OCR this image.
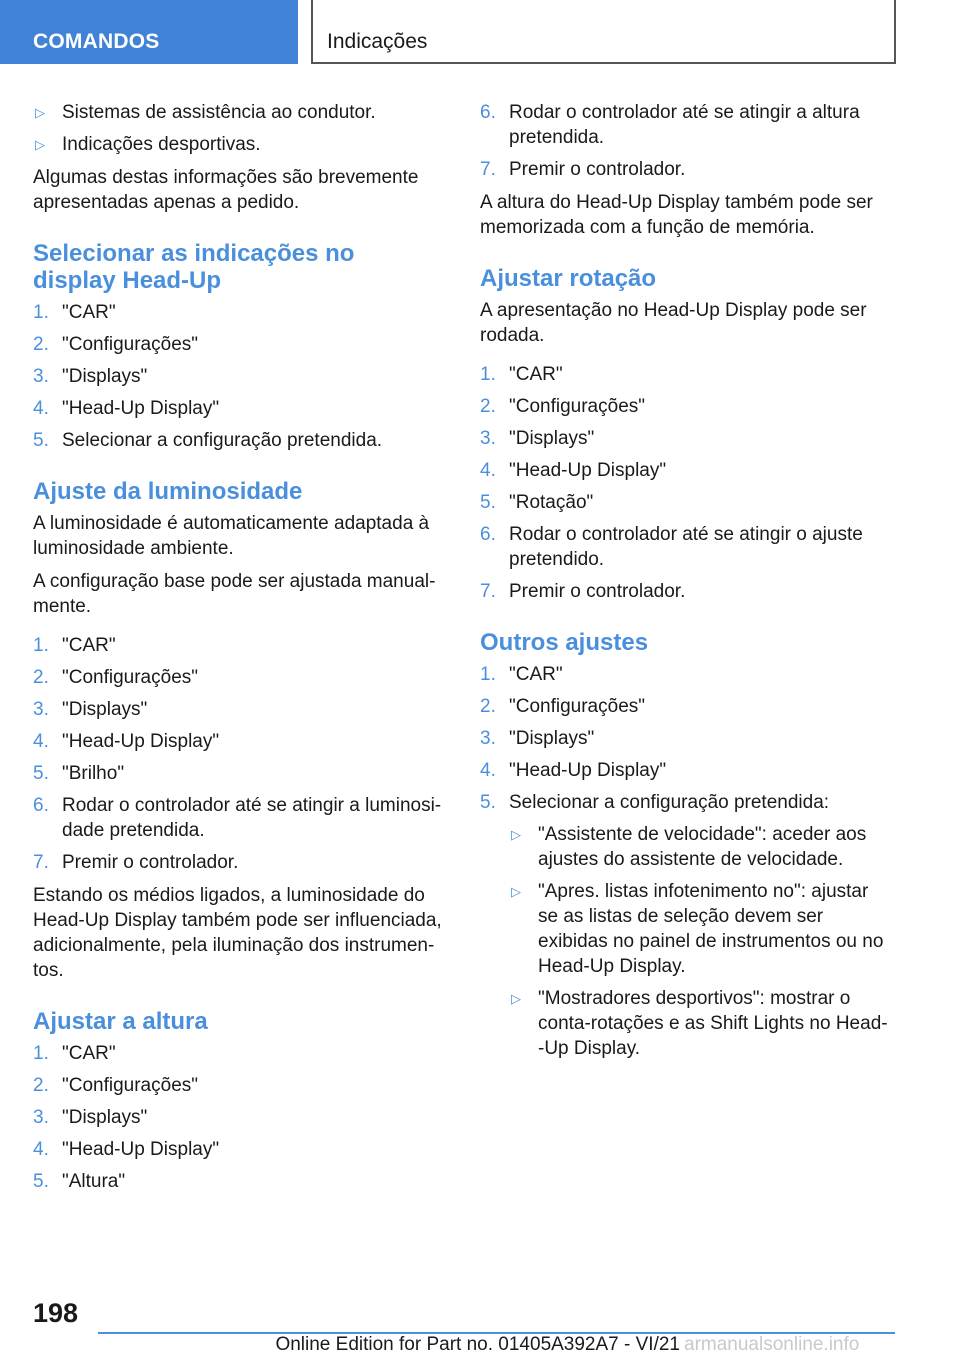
COMANDOS	Indicações
▷ Sistemas de assistência ao condutor.
▷ Indicações desportivas.

Algumas destas informações são brevemente apresentadas apenas a pedido.

Selecionar as indicações no display Head-Up
1. "CAR"
2. "Configurações"
3. "Displays"
4. "Head-Up Display"
5. Selecionar a configuração pretendida.
Ajuste da luminosidade

A luminosidade é automaticamente adaptada à luminosidade ambiente.

A configuração base pode ser ajustada manual-mente.

1. "CAR"
2. "Configurações"
3. "Displays"
4. "Head-Up Display"
5. "Brilho"
6. Rodar o controlador até se atingir a luminosi-dade pretendida.
7. Premir o controlador.

Estando os médios ligados, a luminosidade do Head-Up Display também pode ser influenciada, adicionalmente, pela iluminação dos instrumen-tos.

Ajustar a altura
1. "CAR"
2. "Configurações"
3. "Displays"
4. "Head-Up Display"
5. "Altura"
6. Rodar o controlador até se atingir a altura pretendida.
7. Premir o controlador.

A altura do Head-Up Display também pode ser memorizada com a função de memória.

Ajustar rotação

A apresentação no Head-Up Display pode ser rodada.

1. "CAR"
2. "Configurações"
3. "Displays"
4. "Head-Up Display"
5. "Rotação"
6. Rodar o controlador até se atingir o ajuste pretendido.
7. Premir o controlador.
Outros ajustes
1. "CAR"
2. "Configurações"
3. "Displays"
4. "Head-Up Display"
5. Selecionar a configuração pretendida:
▷ "Assistente de velocidade": aceder aos ajustes do assistente de velocidade.
▷ "Apres. listas infotenimento no": ajustar se as listas de seleção devem ser exibidas no painel de instrumentos ou no Head-Up Display.
▷ "Mostradores desportivos": mostrar o conta-rotações e as Shift Lights no Head--Up Display.
198
Online Edition for Part no. 01405A392A7 - VI/21 armanualsonline.info
